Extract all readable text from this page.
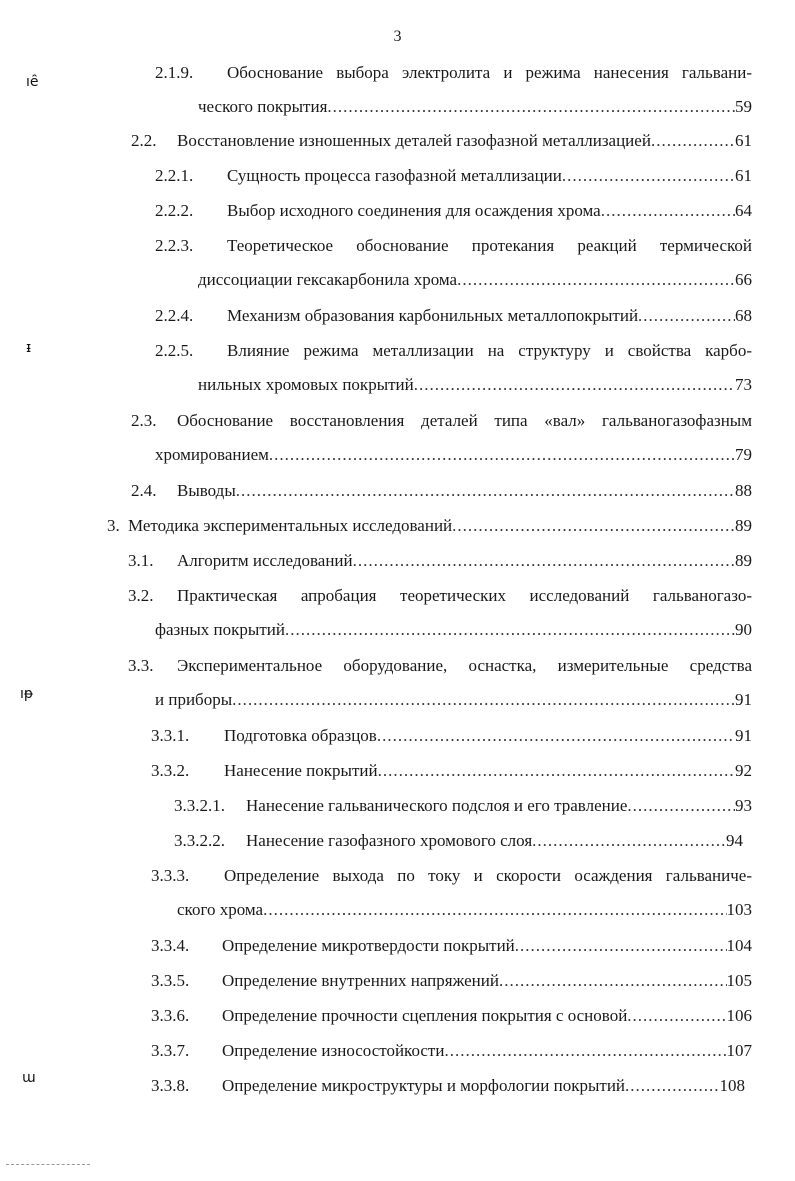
3
ıȇ
ᵻ
ıᵽ
ɯ
2.1.9. Обоснование выбора электролита и режима нанесения гальвани-
ческого покрытия .....	59
2.2. Восстановление изношенных деталей газофазной металлизацией .....	61
2.2.1. Сущность процесса газофазной металлизации .....	61
2.2.2. Выбор исходного соединения для осаждения хрома .....	64
2.2.3. Теоретическое обоснование протекания реакций термической
диссоциации гексакарбонила хрома .....	66
2.2.4. Механизм образования карбонильных металлопокрытий .....	68
2.2.5. Влияние режима металлизации на структуру и свойства карбо-
нильных хромовых покрытий .....	73
2.3. Обоснование восстановления деталей типа «вал» гальваногазофазным
хромированием .....	79
2.4. Выводы .....	88
3. Методика экспериментальных исследований .....	89
3.1. Алгоритм исследований .....	89
3.2. Практическая апробация теоретических исследований гальваногазо-
фазных покрытий .....	90
3.3. Экспериментальное оборудование, оснастка, измерительные средства
и приборы .....	91
3.3.1. Подготовка образцов .....	91
3.3.2. Нанесение покрытий .....	92
3.3.2.1. Нанесение гальванического подслоя и его травление .....	93
3.3.2.2. Нанесение газофазного хромового слоя .....	94
3.3.3. Определение выхода по току и скорости осаждения гальваниче-
ского хрома .....	103
3.3.4. Определение микротвердости покрытий .....	104
3.3.5. Определение внутренних напряжений .....	105
3.3.6. Определение прочности сцепления покрытия с основой .....	106
3.3.7. Определение износостойкости .....	107
3.3.8. Определение микроструктуры и морфологии покрытий .....	108
